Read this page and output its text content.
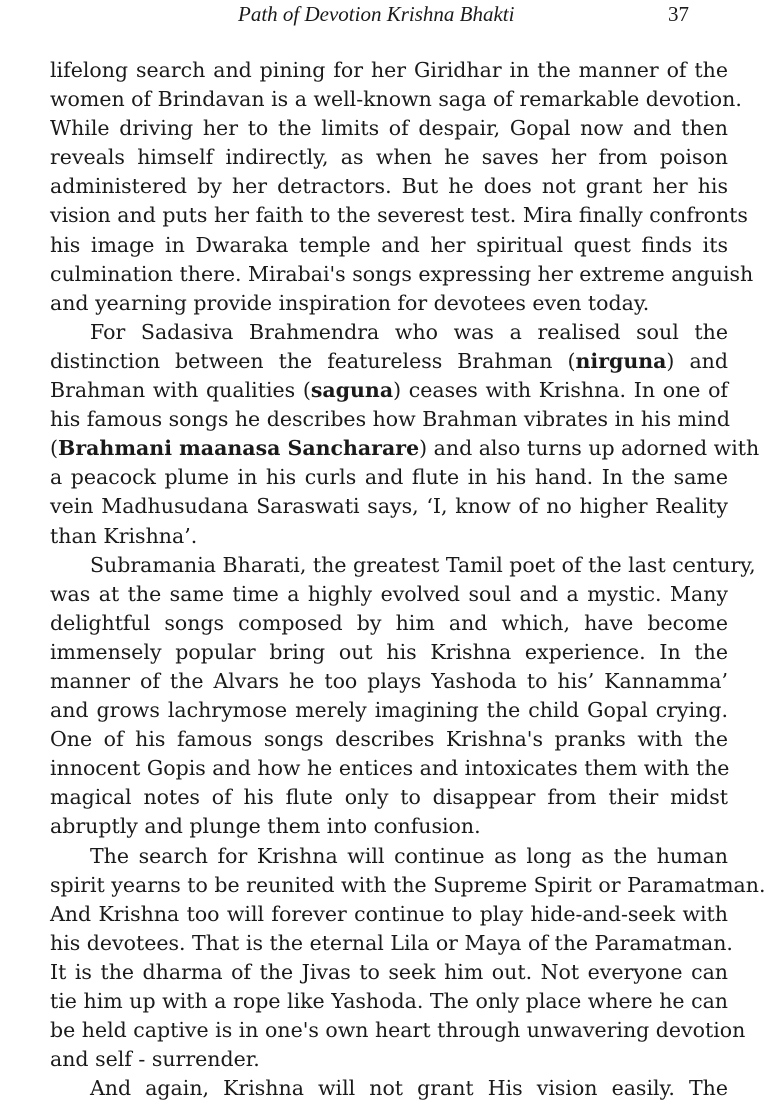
Path of Devotion Krishna Bhakti	37
lifelong search and pining for her Giridhar in the manner of the
women of Brindavan is a well-known saga of remarkable devotion.
While driving her to the limits of despair, Gopal now and then
reveals himself indirectly, as when he saves her from poison
administered by her detractors. But he does not grant her his
vision and puts her faith to the severest test. Mira finally confronts
his image in Dwaraka temple and her spiritual quest finds its
culmination there. Mirabai's songs expressing her extreme anguish
and yearning provide inspiration for devotees even today.
For Sadasiva Brahmendra who was a realised soul the
distinction between the featureless Brahman (nirguna) and
Brahman with qualities (saguna) ceases with Krishna. In one of
his famous songs he describes how Brahman vibrates in his mind
(Brahmani maanasa Sancharare) and also turns up adorned with
a peacock plume in his curls and flute in his hand. In the same
vein Madhusudana Saraswati says, ‘I, know of no higher Reality
than Krishna’.
Subramania Bharati, the greatest Tamil poet of the last century,
was at the same time a highly evolved soul and a mystic. Many
delightful songs composed by him and which, have become
immensely popular bring out his Krishna experience. In the
manner of the Alvars he too plays Yashoda to his’ Kannamma’
and grows lachrymose merely imagining the child Gopal crying.
One of his famous songs describes Krishna's pranks with the
innocent Gopis and how he entices and intoxicates them with the
magical notes of his flute only to disappear from their midst
abruptly and plunge them into confusion.
The search for Krishna will continue as long as the human
spirit yearns to be reunited with the Supreme Spirit or Paramatman.
And Krishna too will forever continue to play hide-and-seek with
his devotees. That is the eternal Lila or Maya of the Paramatman.
It is the dharma of the Jivas to seek him out. Not everyone can
tie him up with a rope like Yashoda. The only place where he can
be held captive is in one's own heart through unwavering devotion
and self - surrender.
And again, Krishna will not grant His vision easily. The
